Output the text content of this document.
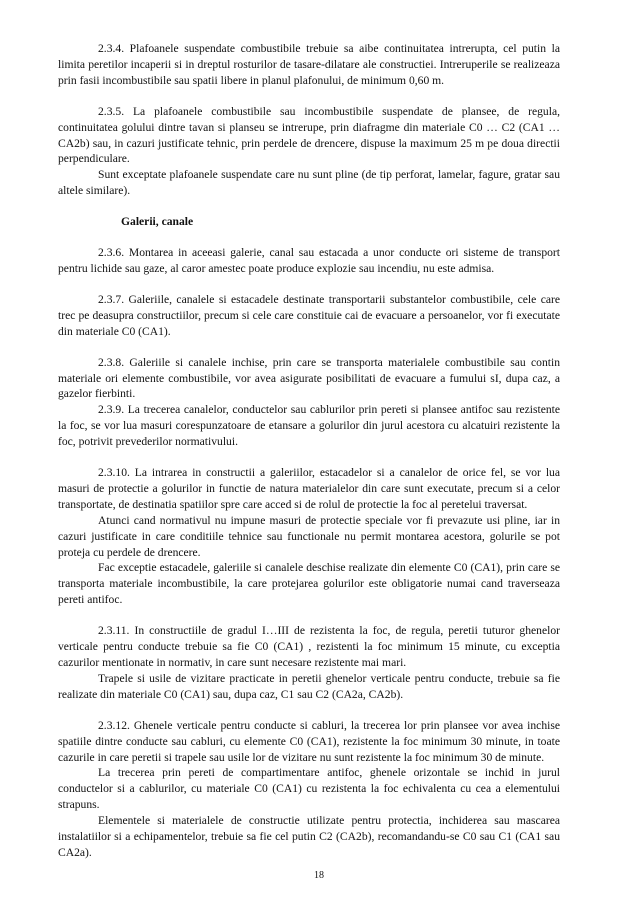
2.3.4. Plafoanele suspendate combustibile trebuie sa aibe continuitatea intrerupta, cel putin la limita peretilor incaperii si in dreptul rosturilor de tasare-dilatare ale constructiei. Intreruperile se realizeaza prin fasii incombustibile sau spatii libere in planul plafonului, de minimum 0,60 m.

2.3.5. La plafoanele combustibile sau incombustibile suspendate de plansee, de regula, continuitatea golului dintre tavan si planseu se intrerupe, prin diafragme din materiale C0 … C2 (CA1 … CA2b) sau, in cazuri justificate tehnic, prin perdele de drencere, dispuse la maximum 25 m pe doua directii perpendiculare.

Sunt exceptate plafoanele suspendate care nu sunt pline (de tip perforat, lamelar, fagure, gratar sau altele similare).

Galerii, canale

2.3.6. Montarea in aceeasi galerie, canal sau estacada a unor conducte ori sisteme de transport pentru lichide sau gaze, al caror amestec poate produce explozie sau incendiu, nu este admisa.

2.3.7. Galeriile, canalele si estacadele destinate transportarii substantelor combustibile, cele care trec pe deasupra constructiilor, precum si cele care constituie cai de evacuare a persoanelor, vor fi executate din materiale C0 (CA1).

2.3.8. Galeriile si canalele inchise, prin care se transporta materialele combustibile sau contin materiale ori elemente combustibile, vor avea asigurate posibilitati de evacuare a fumului sI, dupa caz, a gazelor fierbinti.

2.3.9. La trecerea canalelor, conductelor sau cablurilor prin pereti si plansee antifoc sau rezistente la foc, se vor lua masuri corespunzatoare de etansare a golurilor din jurul acestora cu alcatuiri rezistente la foc, potrivit prevederilor normativului.

2.3.10. La intrarea in constructii a galeriilor, estacadelor si a canalelor de orice fel, se vor lua masuri de protectie a golurilor in functie de natura materialelor din care sunt executate, precum si a celor transportate, de destinatia spatiilor spre care acced si de rolul de protectie la foc al peretelui traversat.

Atunci cand normativul nu impune masuri de protectie speciale vor fi prevazute usi pline, iar in cazuri justificate in care conditiile tehnice sau functionale nu permit montarea acestora, golurile se pot proteja cu perdele de drencere.

Fac exceptie estacadele, galeriile si canalele deschise realizate din elemente C0 (CA1), prin care se transporta materiale incombustibile, la care protejarea golurilor este obligatorie numai cand traverseaza pereti antifoc.

2.3.11. In constructiile de gradul I…III de rezistenta la foc, de regula, peretii tuturor ghenelor verticale pentru conducte trebuie sa fie C0 (CA1) , rezistenti la foc minimum 15 minute, cu exceptia cazurilor mentionate in normativ, in care sunt necesare rezistente mai mari.

Trapele si usile de vizitare practicate in peretii ghenelor verticale pentru conducte, trebuie sa fie realizate din materiale C0 (CA1) sau, dupa caz, C1 sau C2 (CA2a, CA2b).

2.3.12. Ghenele verticale pentru conducte si cabluri, la trecerea lor prin plansee vor avea inchise spatiile dintre conducte sau cabluri, cu elemente C0 (CA1), rezistente la foc minimum 30 minute, in toate cazurile in care peretii si trapele sau usile lor de vizitare nu sunt rezistente la foc minimum 30 de minute.

La trecerea prin pereti de compartimentare antifoc, ghenele orizontale se inchid in jurul conductelor si a cablurilor, cu materiale C0 (CA1) cu rezistenta la foc echivalenta cu cea a elementului strapuns.

Elementele si materialele de constructie utilizate pentru protectia, inchiderea sau mascarea instalatiilor si a echipamentelor, trebuie sa fie cel putin C2 (CA2b), recomandandu-se C0 sau C1 (CA1 sau CA2a).

18
